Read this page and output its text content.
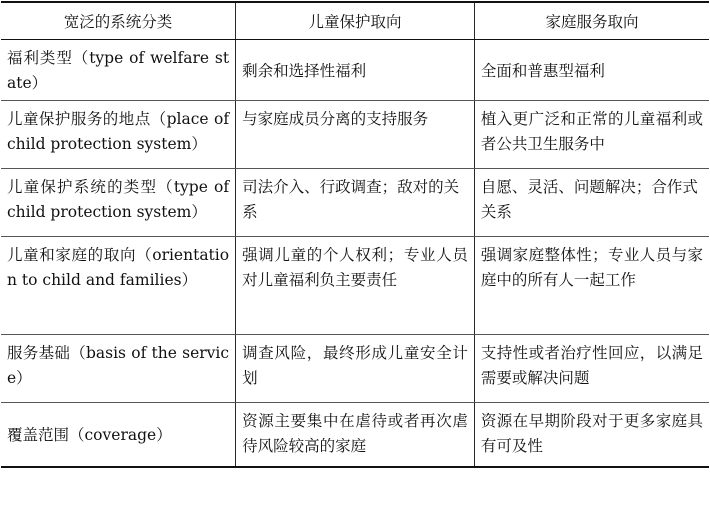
宽泛的系统分类	儿童保护取向	家庭服务取向
福利类型（type of welfare state）	剩余和选择性福利	全面和普惠型福利
儿童保护服务的地点（place of child protection system）	与家庭成员分离的支持服务	植入更广泛和正常的儿童福利或者公共卫生服务中
儿童保护系统的类型（type of child protection system）	司法介入、行政调查；敌对的关系	自愿、灵活、问题解决；合作式关系
儿童和家庭的取向（orientation to child and families）	强调儿童的个人权利；专业人员对儿童福利负主要责任	强调家庭整体性；专业人员与家庭中的所有人一起工作
服务基础（basis of the service）	调查风险，最终形成儿童安全计划	支持性或者治疗性回应，以满足需要或解决问题
覆盖范围（coverage）	资源主要集中在虐待或者再次虐待风险较高的家庭	资源在早期阶段对于更多家庭具有可及性
